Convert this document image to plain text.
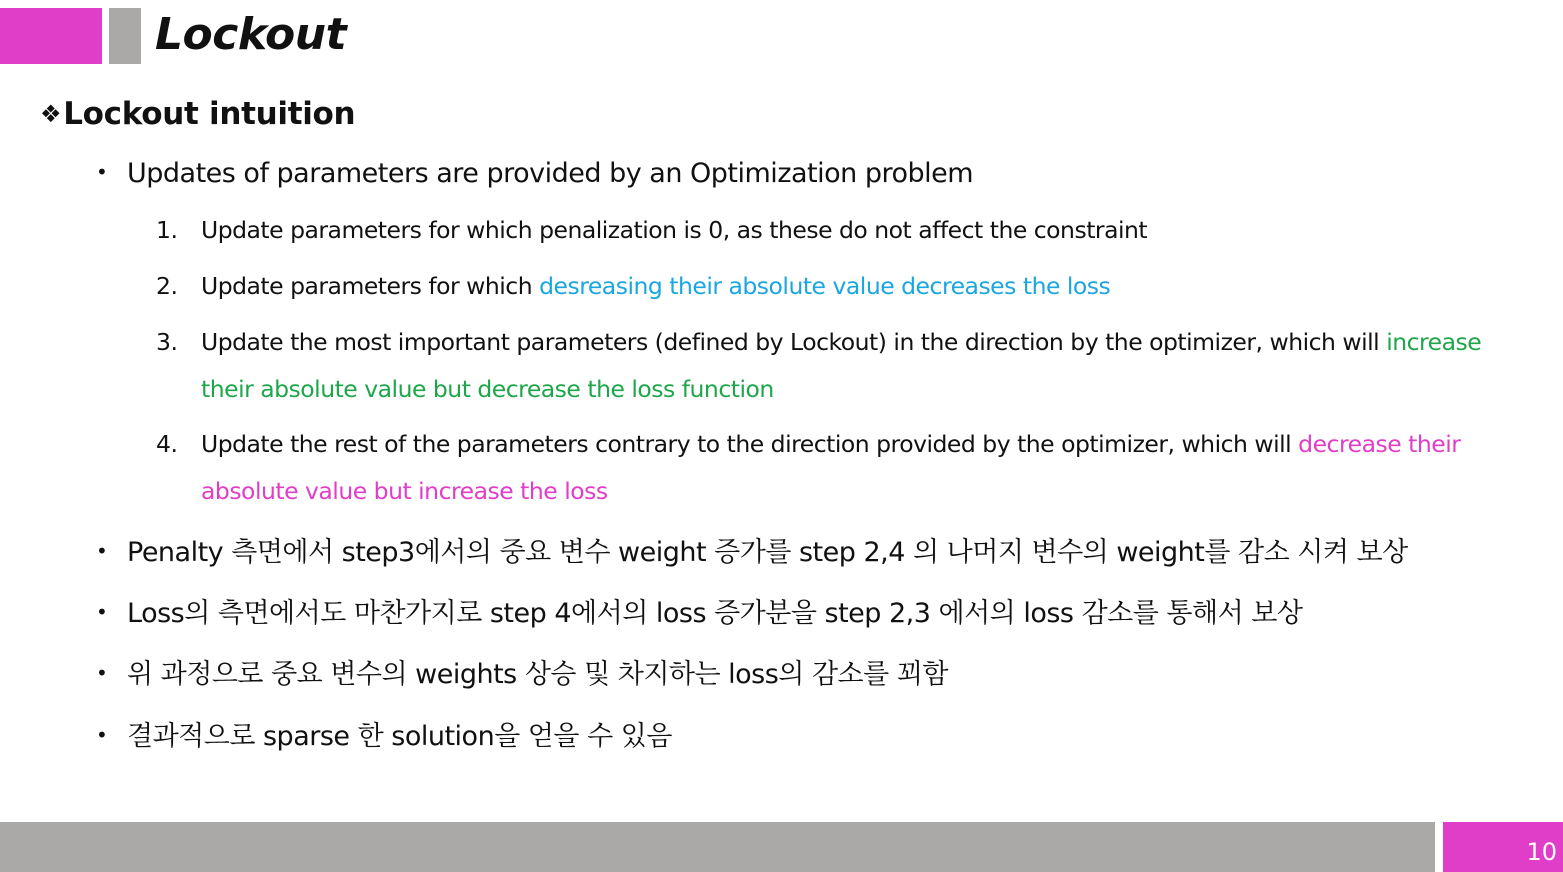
Lockout
❖Lockout intuition
• Updates of parameters are provided by an Optimization problem
1. Update parameters for which penalization is 0, as these do not affect the constraint
2. Update parameters for which desreasing their absolute value decreases the loss
3. Update the most important parameters (defined by Lockout) in the direction by the optimizer, which will increase their absolute value but decrease the loss function
4. Update the rest of the parameters contrary to the direction provided by the optimizer, which will decrease their absolute value but increase the loss
• Penalty 측면에서 step3에서의 중요 변수 weight 증가를 step 2,4 의 나머지 변수의 weight를 감소 시켜 보상
• Loss의 측면에서도 마찬가지로 step 4에서의 loss 증가분을 step 2,3 에서의 loss 감소를 통해서 보상
• 위 과정으로 중요 변수의 weights 상승 및 차지하는 loss의 감소를 꾀함
• 결과적으로 sparse 한 solution을 얻을 수 있음
10
